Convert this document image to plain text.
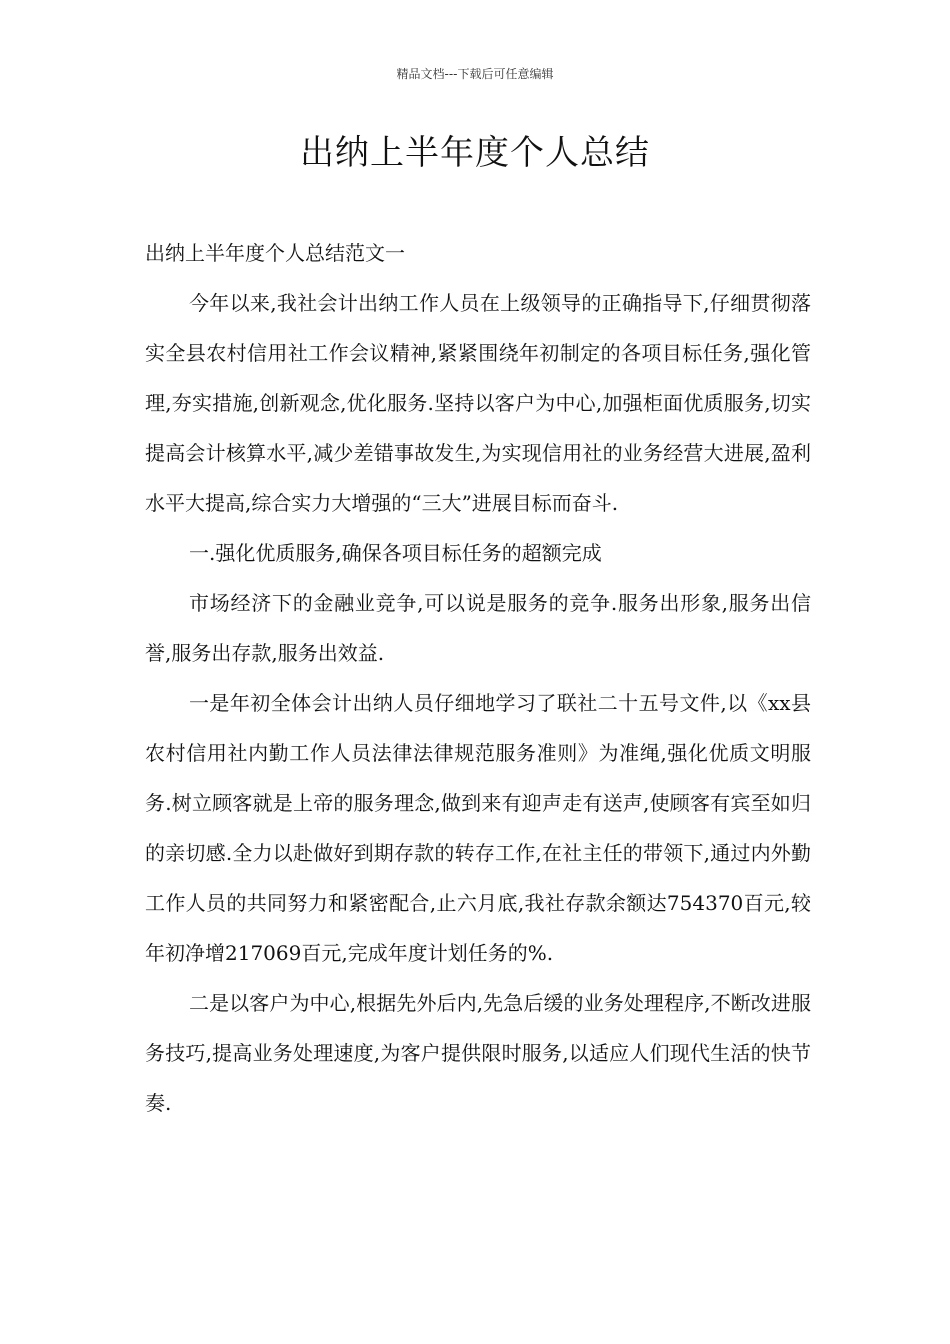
精品文档---下载后可任意编辑
出纳上半年度个人总结

出纳上半年度个人总结范文一

今年以来,我社会计出纳工作人员在上级领导的正确指导下,仔细贯彻落实全县农村信用社工作会议精神,紧紧围绕年初制定的各项目标任务,强化管理,夯实措施,创新观念,优化服务.坚持以客户为中心,加强柜面优质服务,切实提高会计核算水平,减少差错事故发生,为实现信用社的业务经营大进展,盈利水平大提高,综合实力大增强的“三大”进展目标而奋斗.

一.强化优质服务,确保各项目标任务的超额完成

市场经济下的金融业竞争,可以说是服务的竞争.服务出形象,服务出信誉,服务出存款,服务出效益.

一是年初全体会计出纳人员仔细地学习了联社二十五号文件,以《xx县农村信用社内勤工作人员法律法律规范服务准则》为准绳,强化优质文明服务.树立顾客就是上帝的服务理念,做到来有迎声走有送声,使顾客有宾至如归的亲切感.全力以赴做好到期存款的转存工作,在社主任的带领下,通过内外勤工作人员的共同努力和紧密配合,止六月底,我社存款余额达754370百元,较年初净增217069百元,完成年度计划任务的%.

二是以客户为中心,根据先外后内,先急后缓的业务处理程序,不断改进服务技巧,提高业务处理速度,为客户提供限时服务,以适应人们现代生活的快节奏.
